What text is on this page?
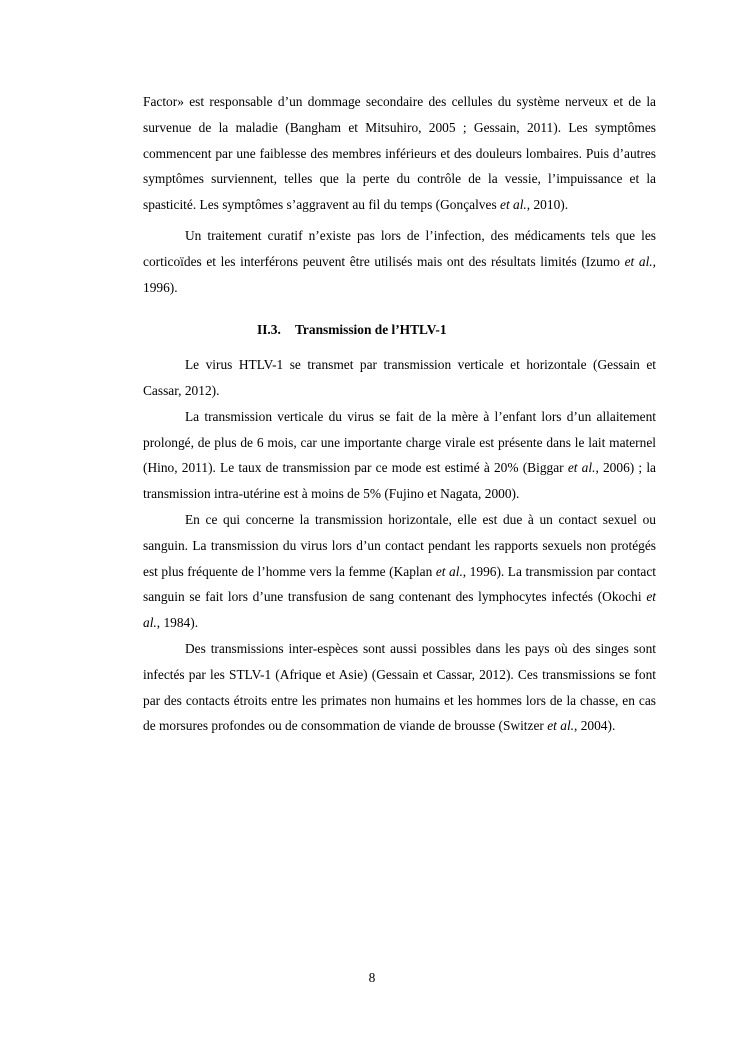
Factor» est responsable d’un dommage secondaire des cellules du système nerveux et de la survenue de la maladie (Bangham et Mitsuhiro, 2005 ; Gessain, 2011). Les symptômes commencent par une faiblesse des membres inférieurs et des douleurs lombaires. Puis d’autres symptômes surviennent, telles que la perte du contrôle de la vessie, l’impuissance et la spasticité. Les symptômes s’aggravent au fil du temps (Gonçalves et al., 2010).

Un traitement curatif n’existe pas lors de l’infection, des médicaments tels que les corticoïdes et les interférons peuvent être utilisés mais ont des résultats limités (Izumo et al., 1996).

II.3. Transmission de l’HTLV-1

Le virus HTLV-1 se transmet par transmission verticale et horizontale (Gessain et Cassar, 2012).

La transmission verticale du virus se fait de la mère à l’enfant lors d’un allaitement prolongé, de plus de 6 mois, car une importante charge virale est présente dans le lait maternel (Hino, 2011). Le taux de transmission par ce mode est estimé à 20% (Biggar et al., 2006) ; la transmission intra-utérine est à moins de 5% (Fujino et Nagata, 2000).

En ce qui concerne la transmission horizontale, elle est due à un contact sexuel ou sanguin. La transmission du virus lors d’un contact pendant les rapports sexuels non protégés est plus fréquente de l’homme vers la femme (Kaplan et al., 1996). La transmission par contact sanguin se fait lors d’une transfusion de sang contenant des lymphocytes infectés (Okochi et al., 1984).

Des transmissions inter-espèces sont aussi possibles dans les pays où des singes sont infectés par les STLV-1 (Afrique et Asie) (Gessain et Cassar, 2012). Ces transmissions se font par des contacts étroits entre les primates non humains et les hommes lors de la chasse, en cas de morsures profondes ou de consommation de viande de brousse (Switzer et al., 2004).

8
